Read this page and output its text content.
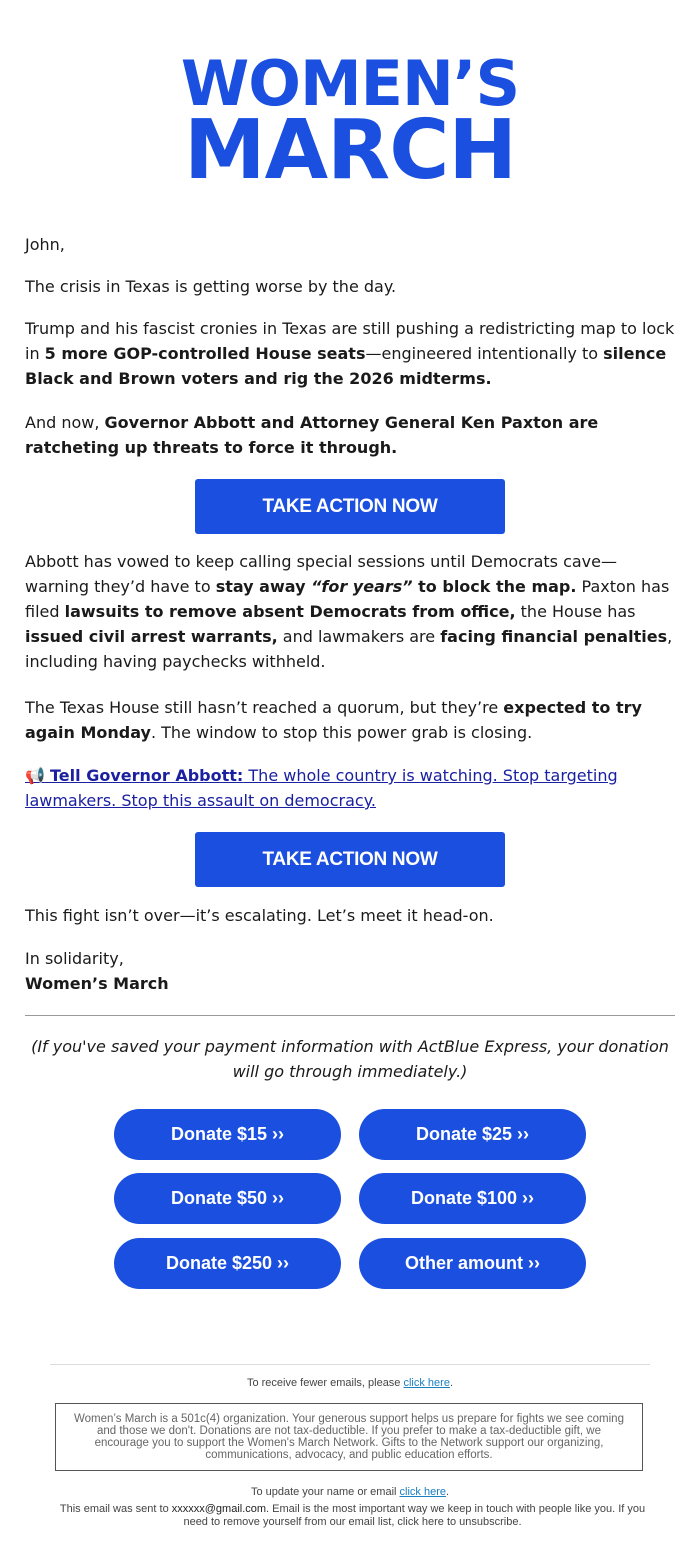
WOMEN’S
MARCH

John,

The crisis in Texas is getting worse by the day.

Trump and his fascist cronies in Texas are still pushing a redistricting map to lock in 5 more GOP-controlled House seats—engineered intentionally to silence Black and Brown voters and rig the 2026 midterms.

And now, Governor Abbott and Attorney General Ken Paxton are ratcheting up threats to force it through.

TAKE ACTION NOW

Abbott has vowed to keep calling special sessions until Democrats cave—warning they’d have to stay away “for years” to block the map. Paxton has filed lawsuits to remove absent Democrats from office, the House has issued civil arrest warrants, and lawmakers are facing financial penalties, including having paychecks withheld.

The Texas House still hasn’t reached a quorum, but they’re expected to try again Monday. The window to stop this power grab is closing.

📢 Tell Governor Abbott: The whole country is watching. Stop targeting lawmakers. Stop this assault on democracy.
TAKE ACTION NOW

This fight isn’t over—it’s escalating. Let’s meet it head-on.

In solidarity,

Women’s March

(If you've saved your payment information with ActBlue Express, your donation will go through immediately.)
Donate $15 ››	Donate $25 ››
Donate $50 ››	Donate $100 ››
Donate $250 ››	Other amount ››
To receive fewer emails, please click here.
Women’s March is a 501c(4) organization. Your generous support helps us prepare for fights we see coming and those we don't. Donations are not tax-deductible. If you prefer to make a tax-deductible gift, we encourage you to support the Women's March Network. Gifts to the Network support our organizing, communications, advocacy, and public education efforts.
To update your name or email click here.
This email was sent to xxxxxx@gmail.com. Email is the most important way we keep in touch with people like you. If you need to remove yourself from our email list, click here to unsubscribe.
